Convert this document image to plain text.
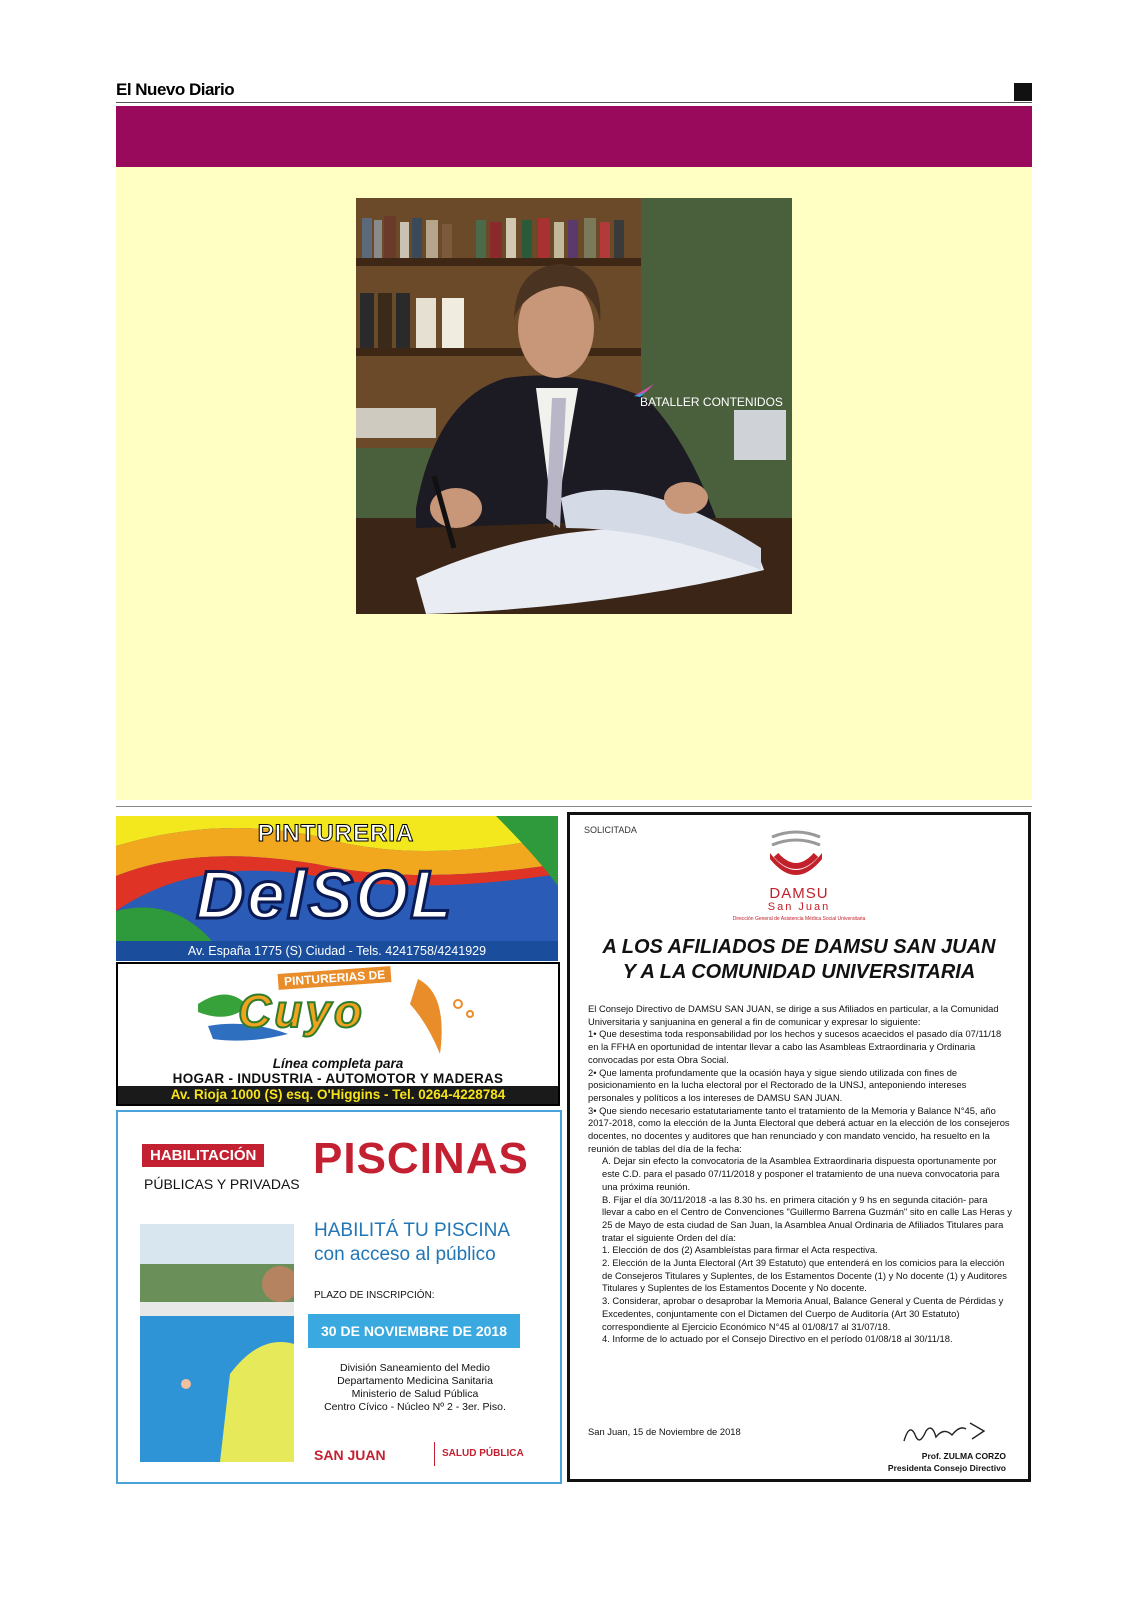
El Nuevo Diario
BATALLER CONTENIDOS
PINTURERIA
DelSOL
Av. España 1775 (S) Ciudad - Tels. 4241758/4241929
PINTURERIAS DE
Cuyo
Línea completa para
HOGAR - INDUSTRIA - AUTOMOTOR Y MADERAS
Av. Rioja 1000 (S) esq. O'Higgins - Tel. 0264-4228784
HABILITACIÓN
PÚBLICAS Y PRIVADAS
PISCINAS
HABILITÁ TU PISCINA
con acceso al público
PLAZO DE INSCRIPCIÓN:
30 DE NOVIEMBRE DE 2018
División Saneamiento del Medio
Departamento Medicina Sanitaria
Ministerio de Salud Pública
Centro Cívico - Núcleo Nº 2 - 3er. Piso.
SAN JUAN	SALUD PÚBLICA
SOLICITADA
DAMSU
San Juan
Dirección General de Asistencia Médica Social Universitaria
A LOS AFILIADOS DE DAMSU SAN JUAN
Y A LA COMUNIDAD UNIVERSITARIA

El Consejo Directivo de DAMSU SAN JUAN, se dirige a sus Afiliados en particular, a la Comunidad Universitaria y sanjuanina en general a fin de comunicar y expresar lo siguiente:

1• Que desestima toda responsabilidad por los hechos y sucesos acaecidos el pasado día 07/11/18 en la FFHA en oportunidad de intentar llevar a cabo las Asambleas Extraordinaria y Ordinaria convocadas por esta Obra Social.

2• Que lamenta profundamente que la ocasión haya y sigue siendo utilizada con fines de posicionamiento en la lucha electoral por el Rectorado de la UNSJ, anteponiendo intereses personales y políticos a los intereses de DAMSU SAN JUAN.

3• Que siendo necesario estatutariamente tanto el tratamiento de la Memoria y Balance N°45, año 2017-2018, como la elección de la Junta Electoral que deberá actuar en la elección de los consejeros docentes, no docentes y auditores que han renunciado y con mandato vencido, ha resuelto en la reunión de tablas del día de la fecha:

A. Dejar sin efecto la convocatoria de la Asamblea Extraordinaria dispuesta oportunamente por este C.D. para el pasado 07/11/2018 y posponer el tratamiento de una nueva convocatoria para una próxima reunión.

B. Fijar el día 30/11/2018 -a las 8.30 hs. en primera citación y 9 hs en segunda citación- para llevar a cabo en el Centro de Convenciones "Guillermo Barrena Guzmán" sito en calle Las Heras y 25 de Mayo de esta ciudad de San Juan, la Asamblea Anual Ordinaria de Afiliados Titulares para tratar el siguiente Orden del día:

1. Elección de dos (2) Asambleístas para firmar el Acta respectiva.

2. Elección de la Junta Electoral (Art 39 Estatuto) que entenderá en los comicios para la elección de Consejeros Titulares y Suplentes, de los Estamentos Docente (1) y No docente (1) y Auditores Titulares y Suplentes de los Estamentos Docente y No docente.

3. Considerar, aprobar o desaprobar la Memoria Anual, Balance General y Cuenta de Pérdidas y Excedentes, conjuntamente con el Dictamen del Cuerpo de Auditoría (Art 30 Estatuto) correspondiente al Ejercicio Económico N°45 al 01/08/17 al 31/07/18.

4. Informe de lo actuado por el Consejo Directivo en el período 01/08/18 al 30/11/18.

San Juan, 15 de Noviembre de 2018
Prof. ZULMA CORZO
Presidenta Consejo Directivo
